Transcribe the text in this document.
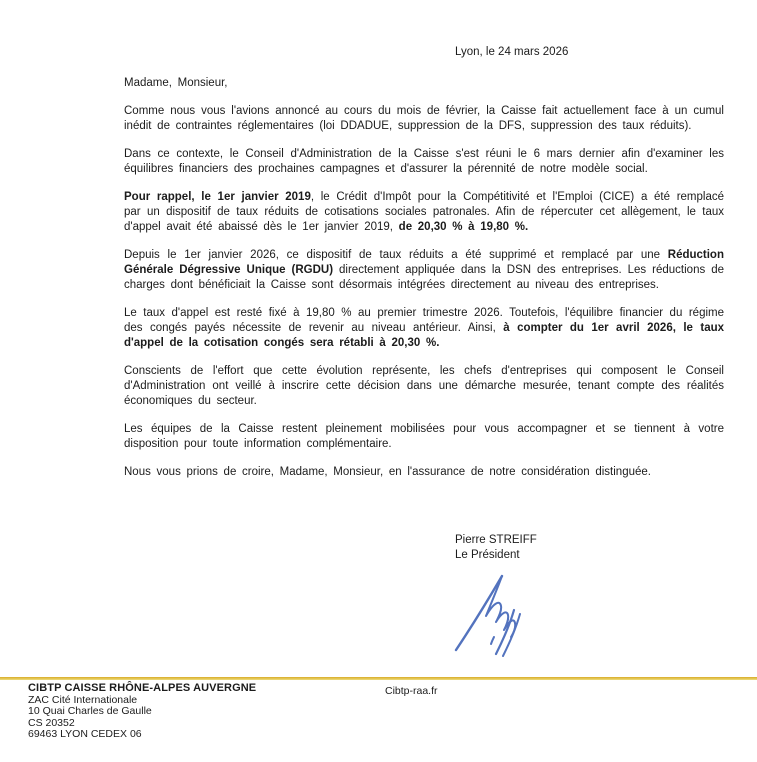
Lyon, le 24 mars 2026

Madame, Monsieur,

Comme nous vous l'avions annoncé au cours du mois de février, la Caisse fait actuellement face à un cumul inédit de contraintes réglementaires (loi DDADUE, suppression de la DFS, suppression des taux réduits).

Dans ce contexte, le Conseil d'Administration de la Caisse s'est réuni le 6 mars dernier afin d'examiner les équilibres financiers des prochaines campagnes et d'assurer la pérennité de notre modèle social.

Pour rappel, le 1er janvier 2019, le Crédit d'Impôt pour la Compétitivité et l'Emploi (CICE) a été remplacé par un dispositif de taux réduits de cotisations sociales patronales. Afin de répercuter cet allègement, le taux d'appel avait été abaissé dès le 1er janvier 2019, de 20,30 % à 19,80 %.

Depuis le 1er janvier 2026, ce dispositif de taux réduits a été supprimé et remplacé par une Réduction Générale Dégressive Unique (RGDU) directement appliquée dans la DSN des entreprises. Les réductions de charges dont bénéficiait la Caisse sont désormais intégrées directement au niveau des entreprises.

Le taux d'appel est resté fixé à 19,80 % au premier trimestre 2026. Toutefois, l'équilibre financier du régime des congés payés nécessite de revenir au niveau antérieur. Ainsi, à compter du 1er avril 2026, le taux d'appel de la cotisation congés sera rétabli à 20,30 %.

Conscients de l'effort que cette évolution représente, les chefs d'entreprises qui composent le Conseil d'Administration ont veillé à inscrire cette décision dans une démarche mesurée, tenant compte des réalités économiques du secteur.

Les équipes de la Caisse restent pleinement mobilisées pour vous accompagner et se tiennent à votre disposition pour toute information complémentaire.

Nous vous prions de croire, Madame, Monsieur, en l'assurance de notre considération distinguée.

Pierre STREIFF
Le Président
CIBTP CAISSE RHÔNE-ALPES AUVERGNE
ZAC Cité Internationale
10 Quai Charles de Gaulle
CS 20352
69463 LYON CEDEX 06
Cibtp-raa.fr
